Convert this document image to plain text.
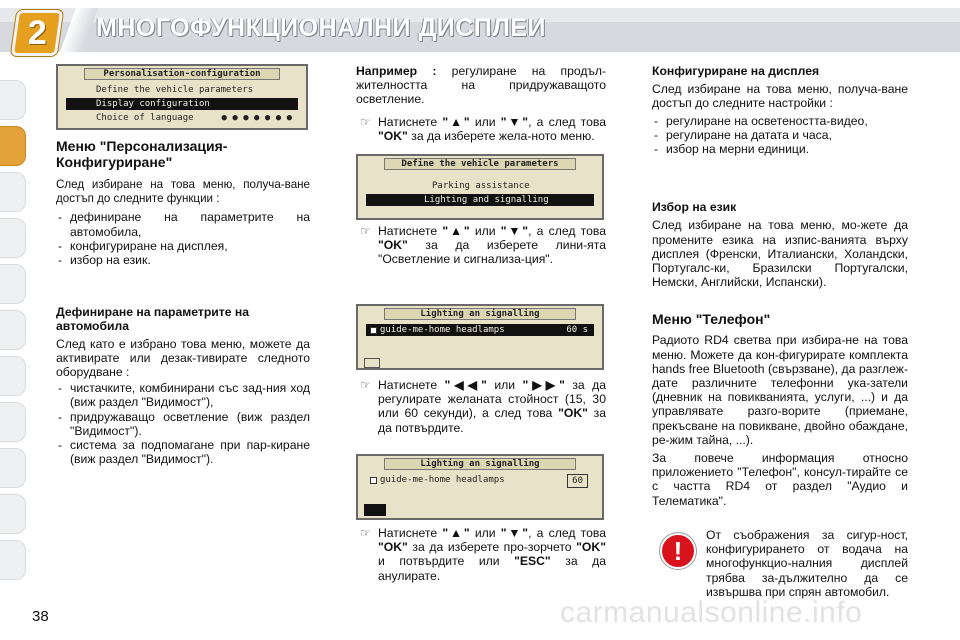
2 МНОГОФУНКЦИОНАЛНИ ДИСПЛЕИ
Personalisation-configuration
Define the vehicle parameters
Display configuration
Choice of language	● ● ● ● ● ● ●
Меню "Персонализация-Конфигуриране"

След избиране на това меню, получа-ване достъп до следните функции :

- дефиниране на параметрите на автомобила,
- конфигуриране на дисплея,
- избор на език.
Дефиниране на параметрите на автомобила

След като е избрано това меню, можете да активирате или дезак-тивирате следното оборудване :

- чистачките, комбинирани със зад-ния ход (виж раздел "Видимост"),
- придружаващо осветление (виж раздел "Видимост").
- система за подпомагане при пар-киране (виж раздел "Видимост").

Например : регулиране на продъл-жителността на придружаващото осветление.

☞ Натиснете "▲" или "▼", а след това "OK" за да изберете жела-ното меню.
Define the vehicle parameters
Parking assistance
Lighting and signalling
☞ Натиснете "▲" или "▼", а след това "OK" за да изберете лини-ята "Осветление и сигнализа-ция".
Lighting an signalling
guide-me-home headlamps	60 s
☞ Натиснете "◀◀" или "▶▶" за да регулирате желаната стойност (15, 30 или 60 секунди), а след това "OK" за да потвърдите.
Lighting an signalling
guide-me-home headlamps	60
☞ Натиснете "▲" или "▼", а след това "OK" за да изберете про-зорчето "OK" и потвърдите или "ESC" за да анулирате.
Конфигуриране на дисплея

След избиране на това меню, получа-ване достъп до следните настройки :

- регулиране на осветеността-видео,
- регулиране на датата и часа,
- избор на мерни единици.
Избор на език

След избиране на това меню, мо-жете да промените езика на изпис-ванията върху дисплея (Френски, Италиански, Холандски, Португалс-ки, Бразилски Португалски, Немски, Английски, Испански).

Меню "Телефон"

Радиото RD4 светва при избира-не на това меню. Можете да кон-фигурирате комплекта hands free Bluetooth (свързване), да разглеж-дате различните телефонни ука-затели (дневник на повикванията, услуги, ...) и да управлявате разго-ворите (приемане, прекъсване на повикване, двойно обаждане, ре-жим тайна, ...).

За повече информация относно приложението "Телефон", консул-тирайте се с частта RD4 от раздел "Аудио и Телематика".

От съображения за сигур-ност, конфигурирането от водача на многофункцио-налния дисплей трябва за-дължително да се извършва при спрян автомобил.

!
38	carmanualsonline.info
